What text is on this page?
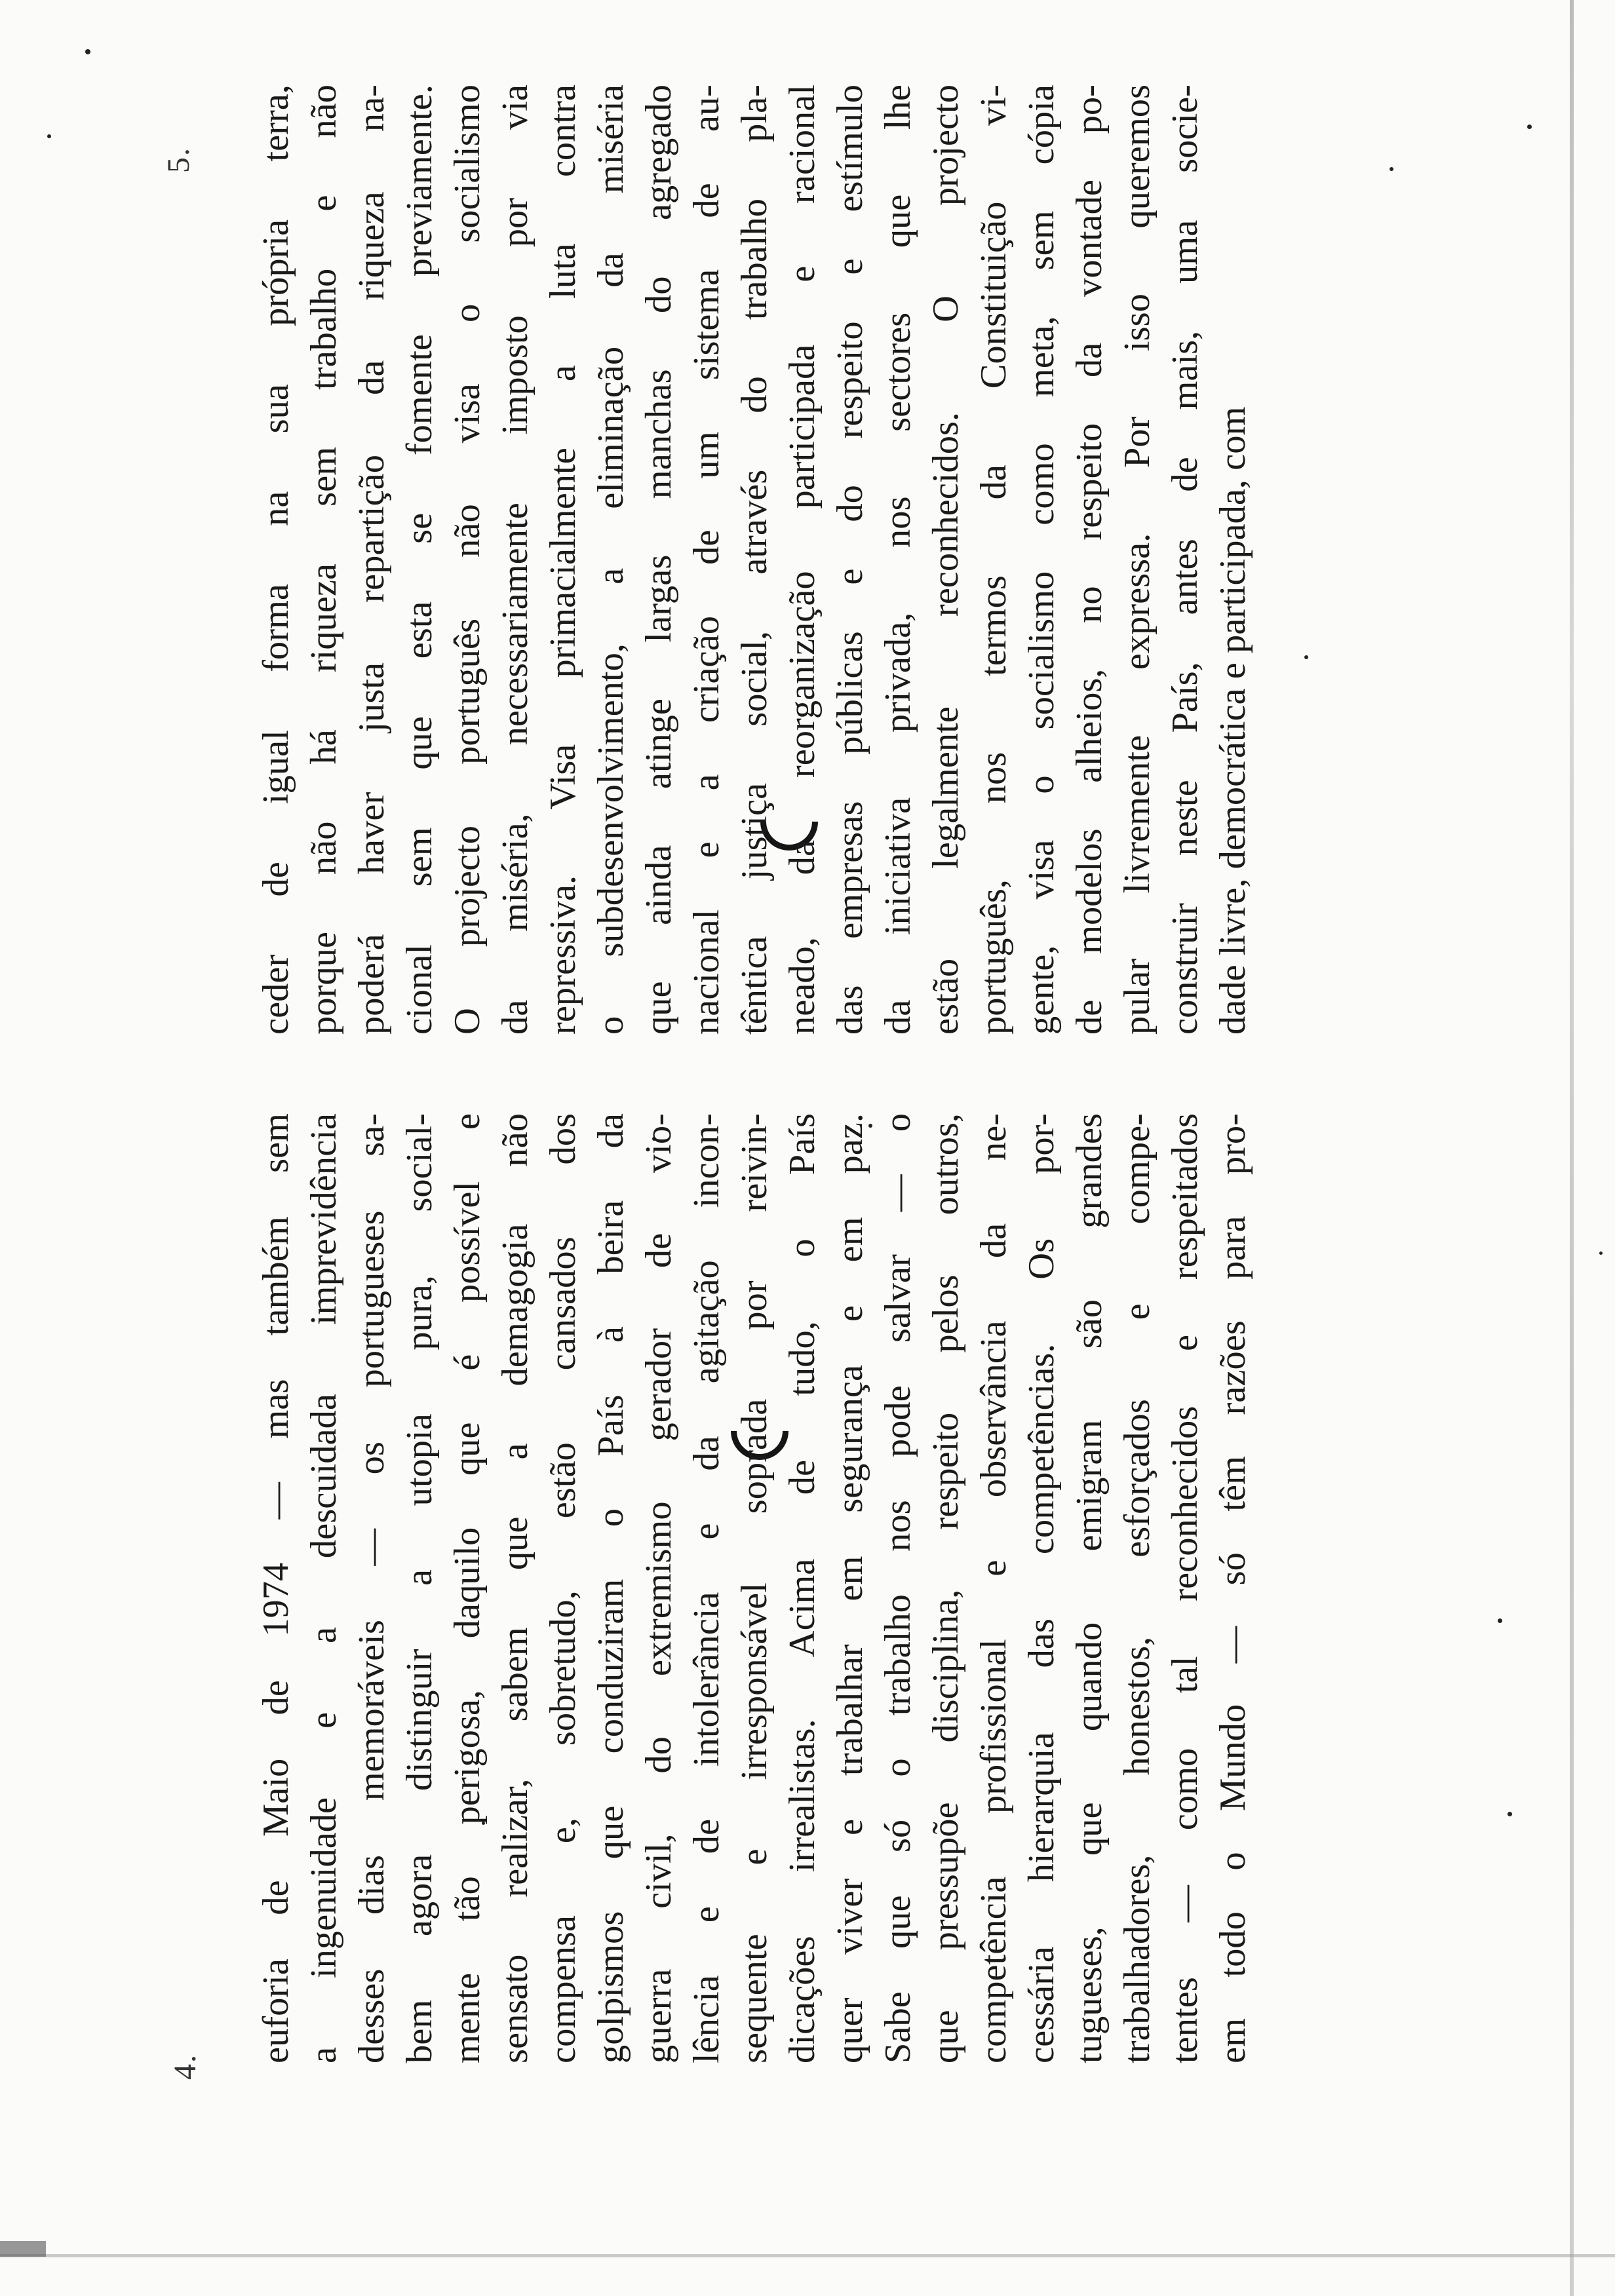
4.
euforia de Maio de 1974 — mas também sem a ingenuidade e a descuidada imprevidência desses dias memoráveis — os portugueses sa- bem agora distinguir a utopia pura, social- mente tão perigosa, daquilo que é possível e sensato realizar, sabem que a demagogia não compensa e, sobretudo, estão cansados dos golpismos que conduziram o País à beira da guerra civil, do extremismo gerador de vio- lência e de intolerância e da agitação incon- sequente e irresponsável soprada por reivin- dicações irrealistas. Acima de tudo, o País quer viver e trabalhar em segurança e em paz. Sabe que só o trabalho nos pode salvar — o que pressupõe disciplina, respeito pelos outros, competência profissional e observância da ne- cessária hierarquia das competências. Os por- tugueses, que quando emigram são grandes trabalhadores, honestos, esforçados e compe- tentes — como tal reconhecidos e respeitados em todo o Mundo — só têm razões para pro-
5. ceder de igual forma na sua própria terra, porque não há riqueza sem trabalho e não poderá haver justa repartição da riqueza na- cional sem que esta se fomente previamente. O projecto português não visa o socialismo da miséria, necessariamente imposto por via repressiva. Visa primacialmente a luta contra o subdesenvolvimento, a eliminação da miséria que ainda atinge largas manchas do agregado nacional e a criação de um sistema de au- têntica justiça social, através do trabalho pla- neado, da reorganização participada e racional das empresas públicas e do respeito e estímulo da iniciativa privada, nos sectores que lhe estão legalmente reconhecidos. O projecto português, nos termos da Constituição vi- gente, visa o socialismo como meta, sem cópia de modelos alheios, no respeito da vontade po- pular livremente expressa. Por isso queremos construir neste País, antes de mais, uma socie- dade livre, democrática e participada, com
